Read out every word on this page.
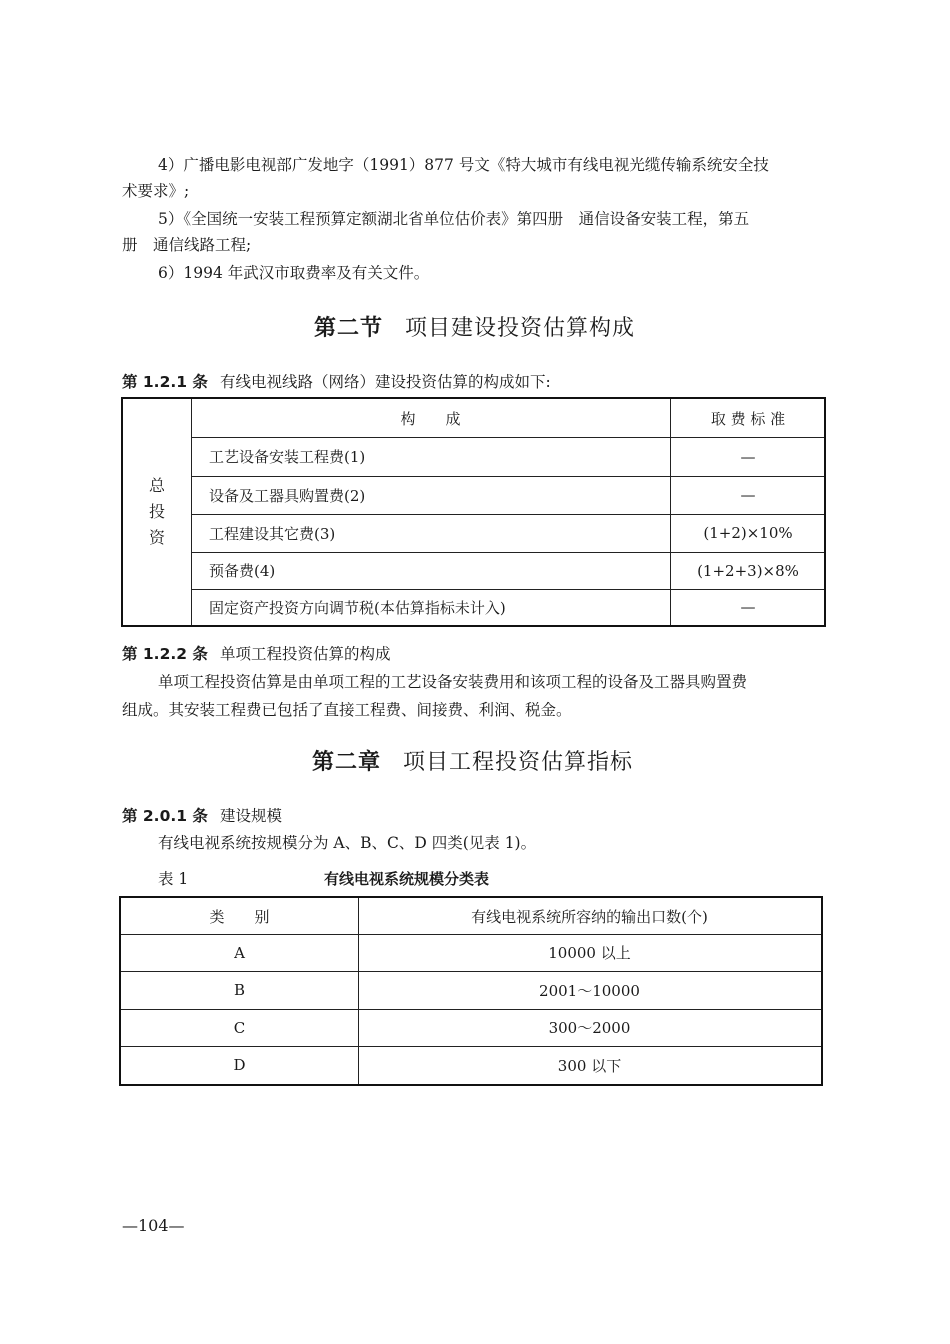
4）广播电影电视部广发地字（1991）877 号文《特大城市有线电视光缆传输系统安全技
术要求》;
5）《全国统一安装工程预算定额湖北省单位估价表》第四册　通信设备安装工程，第五
册　通信线路工程;
6）1994 年武汉市取费率及有关文件。
第二节 项目建设投资估算构成
第 1.2.1 条 有线电视线路（网络）建设投资估算的构成如下:
总
投
资
构　　成	取 费 标 准
工艺设备安装工程费(1)	—
设备及工器具购置费(2)	—
工程建设其它费(3)	(1+2)×10%
预备费(4)	(1+2+3)×8%
固定资产投资方向调节税(本估算指标未计入)	—
第 1.2.2 条 单项工程投资估算的构成
单项工程投资估算是由单项工程的工艺设备安装费用和该项工程的设备及工器具购置费
组成。其安装工程费已包括了直接工程费、间接费、利润、税金。
第二章 项目工程投资估算指标
第 2.0.1 条 建设规模
有线电视系统按规模分为 A、B、C、D 四类(见表 1)。
表 1	有线电视系统规模分类表
类　　别	有线电视系统所容纳的输出口数(个)
A	10000 以上
B	2001～10000
C	300～2000
D	300 以下
—104—
